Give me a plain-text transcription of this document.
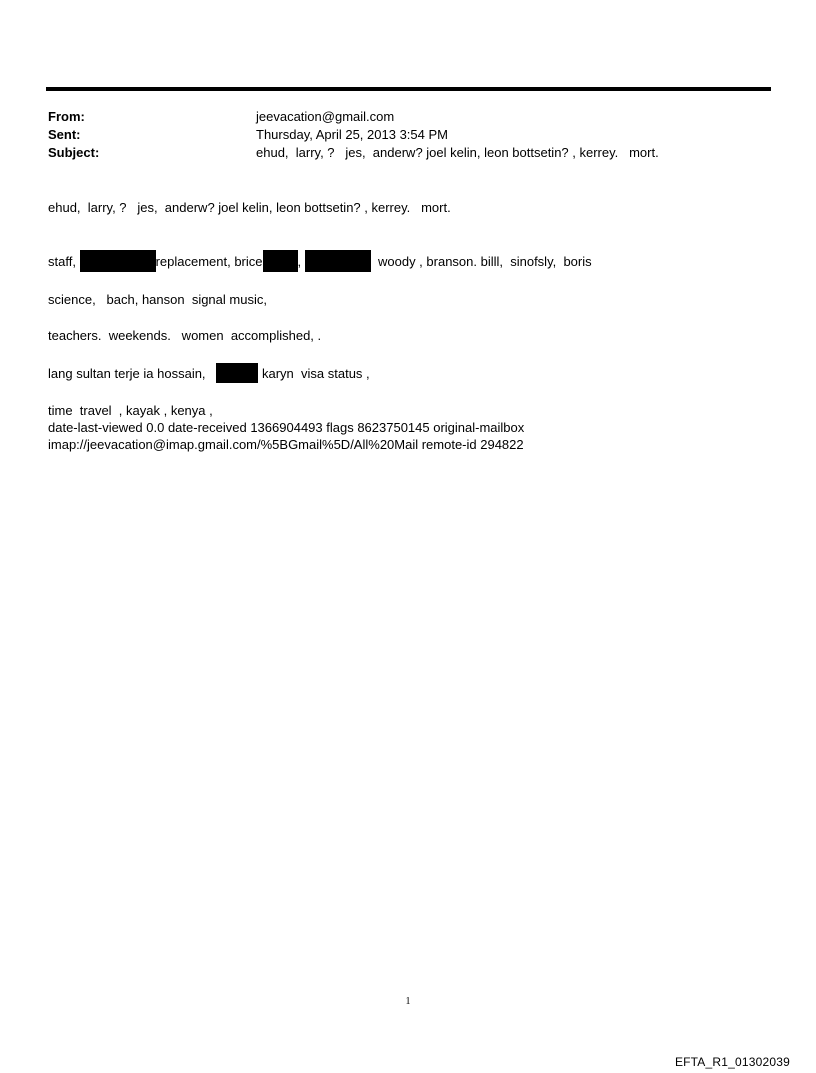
From:	jeevacation@gmail.com
Sent:	Thursday, April 25, 2013 3:54 PM
Subject:	ehud,  larry, ?   jes,  anderw? joel kelin, leon bottsetin? , kerrey.   mort.

ehud,  larry, ?   jes,  anderw? joel kelin, leon bottsetin? , kerrey.   mort.

staff,	replacement, brice	,	woody , branson. billl,  sinofsly,  boris

science,   bach, hanson  signal music,

teachers.  weekends.   women  accomplished, .

lang sultan terje ia hossain,	karyn  visa status ,

time  travel  , kayak , kenya ,

date-last-viewed 0.0 date-received 1366904493 flags 8623750145 original-mailbox

imap://jeevacation@imap.gmail.com/%5BGmail%5D/All%20Mail remote-id 294822

1
EFTA_R1_01302039
